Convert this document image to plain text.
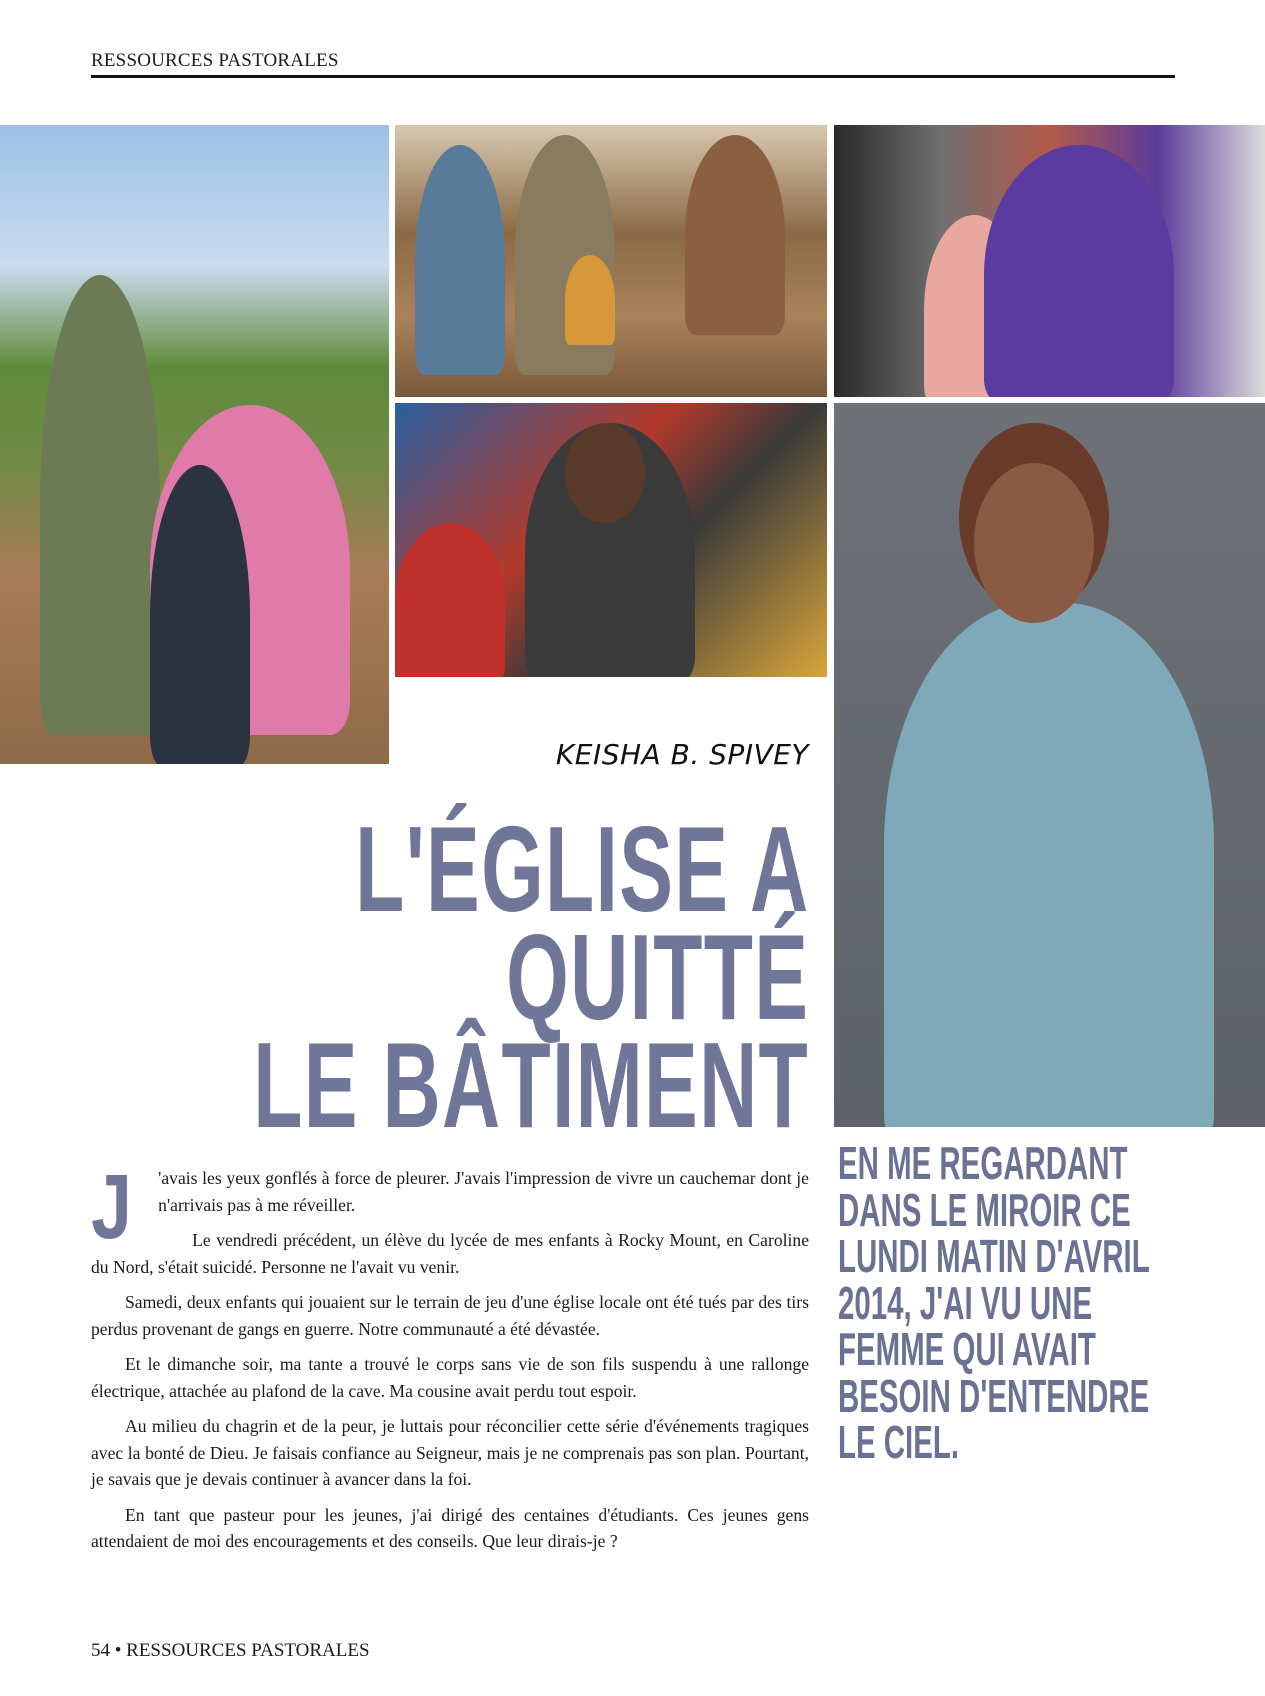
RESSOURCES PASTORALES
KEISHA B. SPIVEY
L'ÉGLISE A
QUITTÉ
LE BÂTIMENT

J 'avais les yeux gonflés à force de pleurer. J'avais l'impression de vivre un cauchemar dont je n'arrivais pas à me réveiller.

Le vendredi précédent, un élève du lycée de mes enfants à Rocky Mount, en Caroline du Nord, s'était suicidé. Personne ne l'avait vu venir.

Samedi, deux enfants qui jouaient sur le terrain de jeu d'une église locale ont été tués par des tirs perdus provenant de gangs en guerre. Notre communauté a été dévastée.

Et le dimanche soir, ma tante a trouvé le corps sans vie de son fils suspendu à une rallonge électrique, attachée au plafond de la cave. Ma cousine avait perdu tout espoir.

Au milieu du chagrin et de la peur, je luttais pour réconcilier cette série d'événements tragiques avec la bonté de Dieu. Je faisais confiance au Seigneur, mais je ne comprenais pas son plan. Pourtant, je savais que je devais continuer à avancer dans la foi.

En tant que pasteur pour les jeunes, j'ai dirigé des centaines d'étudiants. Ces jeunes gens attendaient de moi des encouragements et des conseils. Que leur dirais-je ?

EN ME REGARDANT
DANS LE MIROIR CE
LUNDI MATIN D'AVRIL
2014, J'AI VU UNE
FEMME QUI AVAIT
BESOIN D'ENTENDRE
LE CIEL.
54 • RESSOURCES PASTORALES
